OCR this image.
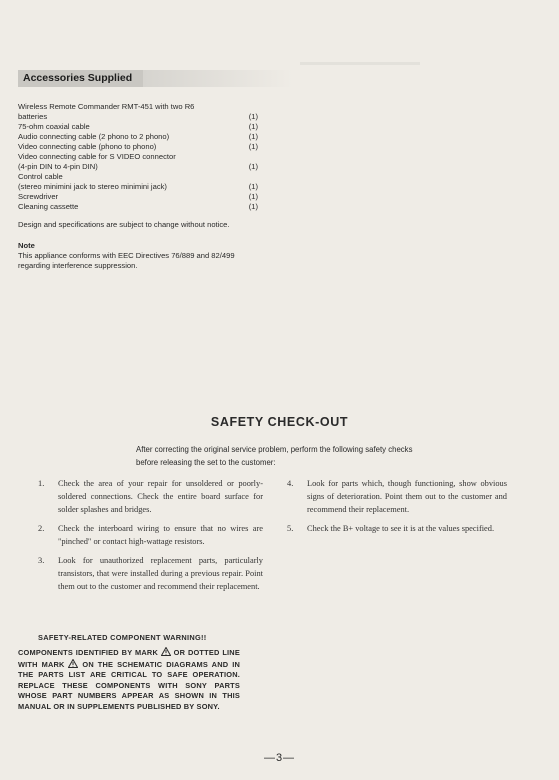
Accessories Supplied
Wireless Remote Commander RMT-451 with two R6
batteries	(1)
75-ohm coaxial cable	(1)
Audio connecting cable (2 phono to 2 phono)	(1)
Video connecting cable (phono to phono)	(1)
Video connecting cable for S VIDEO connector
(4-pin DIN to 4-pin DIN)	(1)
Control cable
(stereo minimini jack to stereo minimini jack)	(1)
Screwdriver	(1)
Cleaning cassette	(1)
Design and specifications are subject to change without notice.
Note
This appliance conforms with EEC Directives 76/889 and 82/499 regarding interference suppression.
SAFETY CHECK-OUT
After correcting the original service problem, perform the following safety checks before releasing the set to the customer:
1.	Check the area of your repair for unsoldered or poorly-soldered connections. Check the entire board surface for solder splashes and bridges.
2.	Check the interboard wiring to ensure that no wires are "pinched" or contact high-wattage resistors.
3.	Look for unauthorized replacement parts, particularly transistors, that were installed during a previous repair. Point them out to the customer and recommend their replacement.
4.	Look for parts which, though functioning, show obvious signs of deterioration. Point them out to the customer and recommend their replacement.
5.	Check the B+ voltage to see it is at the values specified.
SAFETY-RELATED COMPONENT WARNING!!
COMPONENTS IDENTIFIED BY MARK OR DOTTED LINE WITH MARK ON THE SCHEMATIC DIAGRAMS AND IN THE PARTS LIST ARE CRITICAL TO SAFE OPERATION. REPLACE THESE COMPONENTS WITH SONY PARTS WHOSE PART NUMBERS APPEAR AS SHOWN IN THIS MANUAL OR IN SUPPLEMENTS PUBLISHED BY SONY.
—3—
